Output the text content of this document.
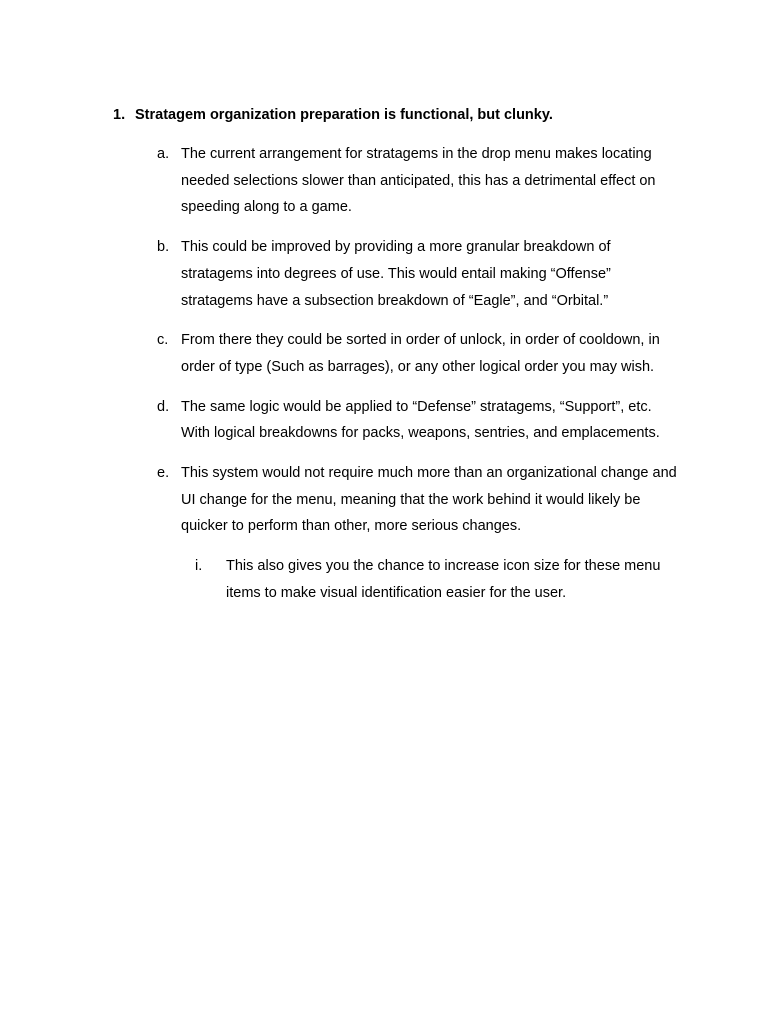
1. Stratagem organization preparation is functional, but clunky.
a. The current arrangement for stratagems in the drop menu makes locating needed selections slower than anticipated, this has a detrimental effect on speeding along to a game.
b. This could be improved by providing a more granular breakdown of stratagems into degrees of use. This would entail making “Offense” stratagems have a subsection breakdown of “Eagle”, and “Orbital.”
c. From there they could be sorted in order of unlock, in order of cooldown, in order of type (Such as barrages), or any other logical order you may wish.
d. The same logic would be applied to “Defense” stratagems, “Support”, etc. With logical breakdowns for packs, weapons, sentries, and emplacements.
e. This system would not require much more than an organizational change and UI change for the menu, meaning that the work behind it would likely be quicker to perform than other, more serious changes.
i. This also gives you the chance to increase icon size for these menu items to make visual identification easier for the user.
